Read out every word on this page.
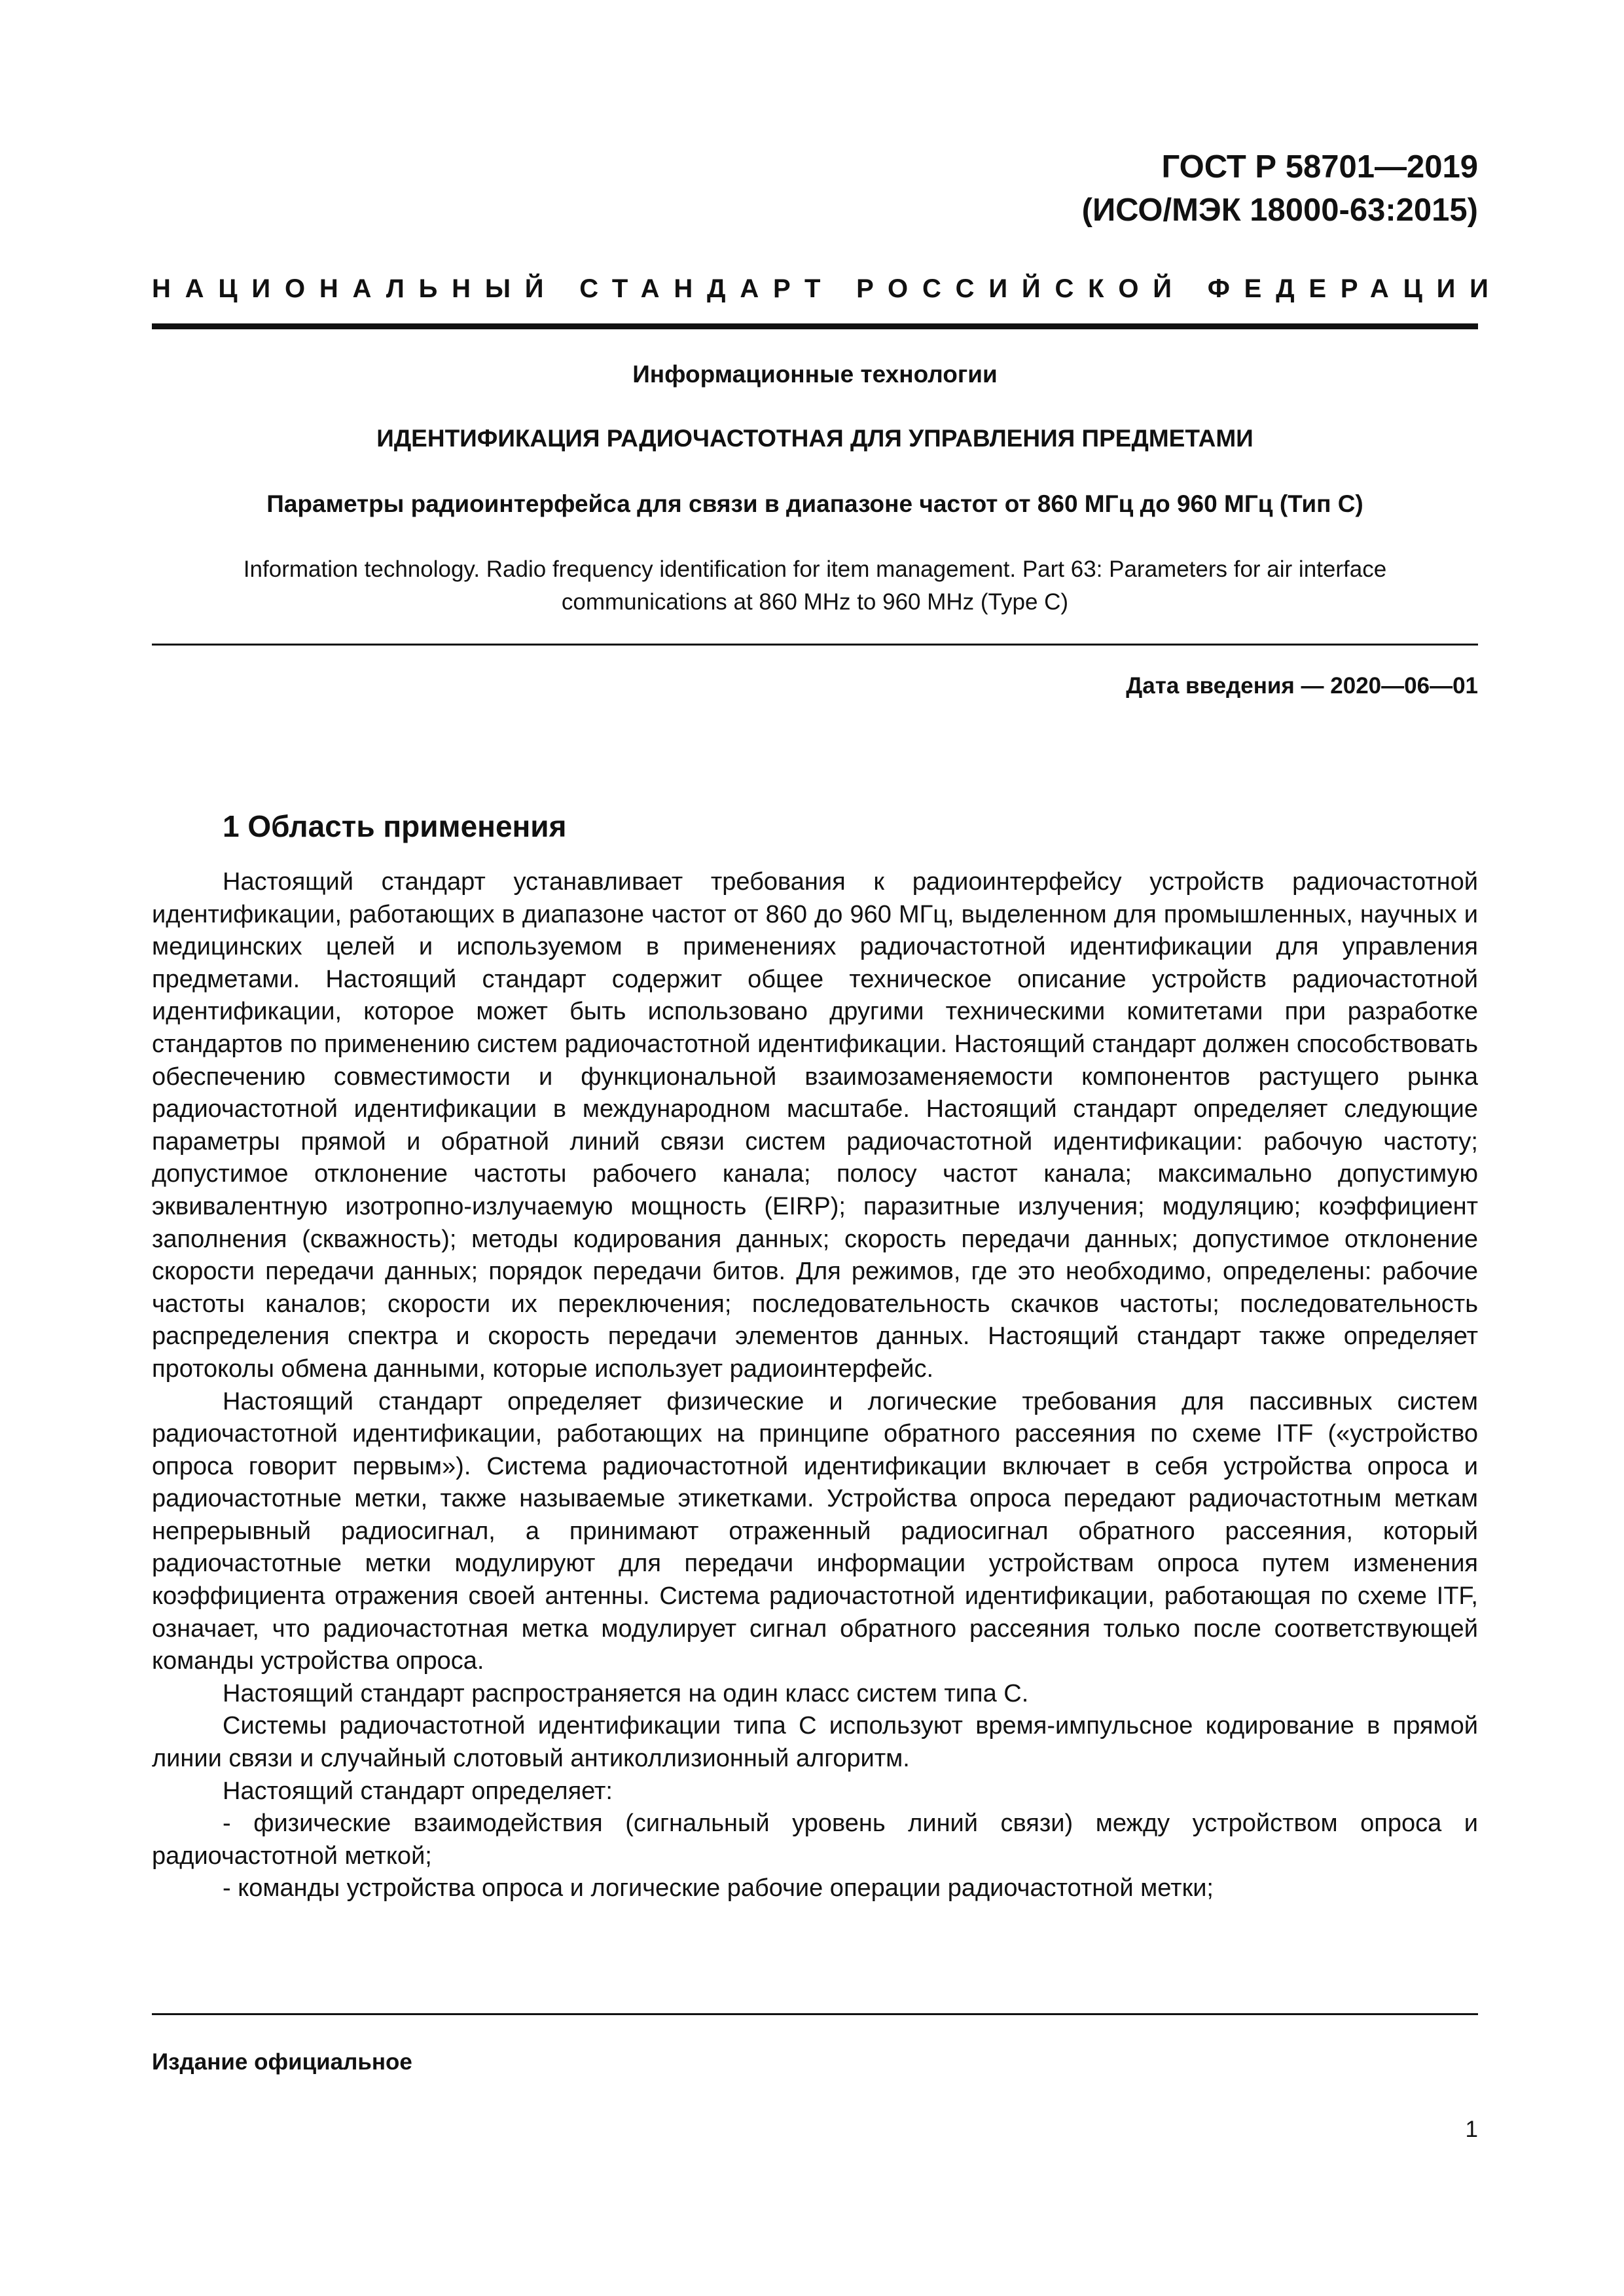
ГОСТ Р 58701—2019
(ИСО/МЭК 18000-63:2015)
НАЦИОНАЛЬНЫЙ СТАНДАРТ РОССИЙСКОЙ ФЕДЕРАЦИИ
Информационные технологии
ИДЕНТИФИКАЦИЯ РАДИОЧАСТОТНАЯ ДЛЯ УПРАВЛЕНИЯ ПРЕДМЕТАМИ
Параметры радиоинтерфейса для связи в диапазоне частот от 860 МГц до 960 МГц (Тип С)
Information technology. Radio frequency identification for item management. Part 63: Parameters for air interface communications at 860 MHz to 960 MHz (Type C)
Дата введения — 2020—06—01
1 Область применения

Настоящий стандарт устанавливает требования к радиоинтерфейсу устройств радиочастотной идентификации, работающих в диапазоне частот от 860 до 960 МГц, выделенном для промышленных, научных и медицинских целей и используемом в применениях радиочастотной идентификации для управления предметами. Настоящий стандарт содержит общее техническое описание устройств радиочастотной идентификации, которое может быть использовано другими техническими комитетами при разработке стандартов по применению систем радиочастотной идентификации. Настоящий стандарт должен способствовать обеспечению совместимости и функциональной взаимозаменяемости компонентов растущего рынка радиочастотной идентификации в международном масштабе. Настоящий стандарт определяет следующие параметры прямой и обратной линий связи систем радиочастотной идентификации: рабочую частоту; допустимое отклонение частоты рабочего канала; полосу частот канала; максимально допустимую эквивалентную изотропно-излучаемую мощность (EIRP); паразитные излучения; модуляцию; коэффициент заполнения (скважность); методы кодирования данных; скорость передачи данных; допустимое отклонение скорости передачи данных; порядок передачи битов. Для режимов, где это необходимо, определены: рабочие частоты каналов; скорости их переключения; последовательность скачков частоты; последовательность распределения спектра и скорость передачи элементов данных. Настоящий стандарт также определяет протоколы обмена данными, которые использует радиоинтерфейс.

Настоящий стандарт определяет физические и логические требования для пассивных систем радиочастотной идентификации, работающих на принципе обратного рассеяния по схеме ITF («устройство опроса говорит первым»). Система радиочастотной идентификации включает в себя устройства опроса и радиочастотные метки, также называемые этикетками. Устройства опроса передают радиочастотным меткам непрерывный радиосигнал, а принимают отраженный радиосигнал обратного рассеяния, который радиочастотные метки модулируют для передачи информации устройствам опроса путем изменения коэффициента отражения своей антенны. Система радиочастотной идентификации, работающая по схеме ITF, означает, что радиочастотная метка модулирует сигнал обратного рассеяния только после соответствующей команды устройства опроса.

Настоящий стандарт распространяется на один класс систем типа С.

Системы радиочастотной идентификации типа С используют время-импульсное кодирование в прямой линии связи и случайный слотовый антиколлизионный алгоритм.

Настоящий стандарт определяет:

- физические взаимодействия (сигнальный уровень линий связи) между устройством опроса и радиочастотной меткой;

- команды устройства опроса и логические рабочие операции радиочастотной метки;

Издание официальное
1
